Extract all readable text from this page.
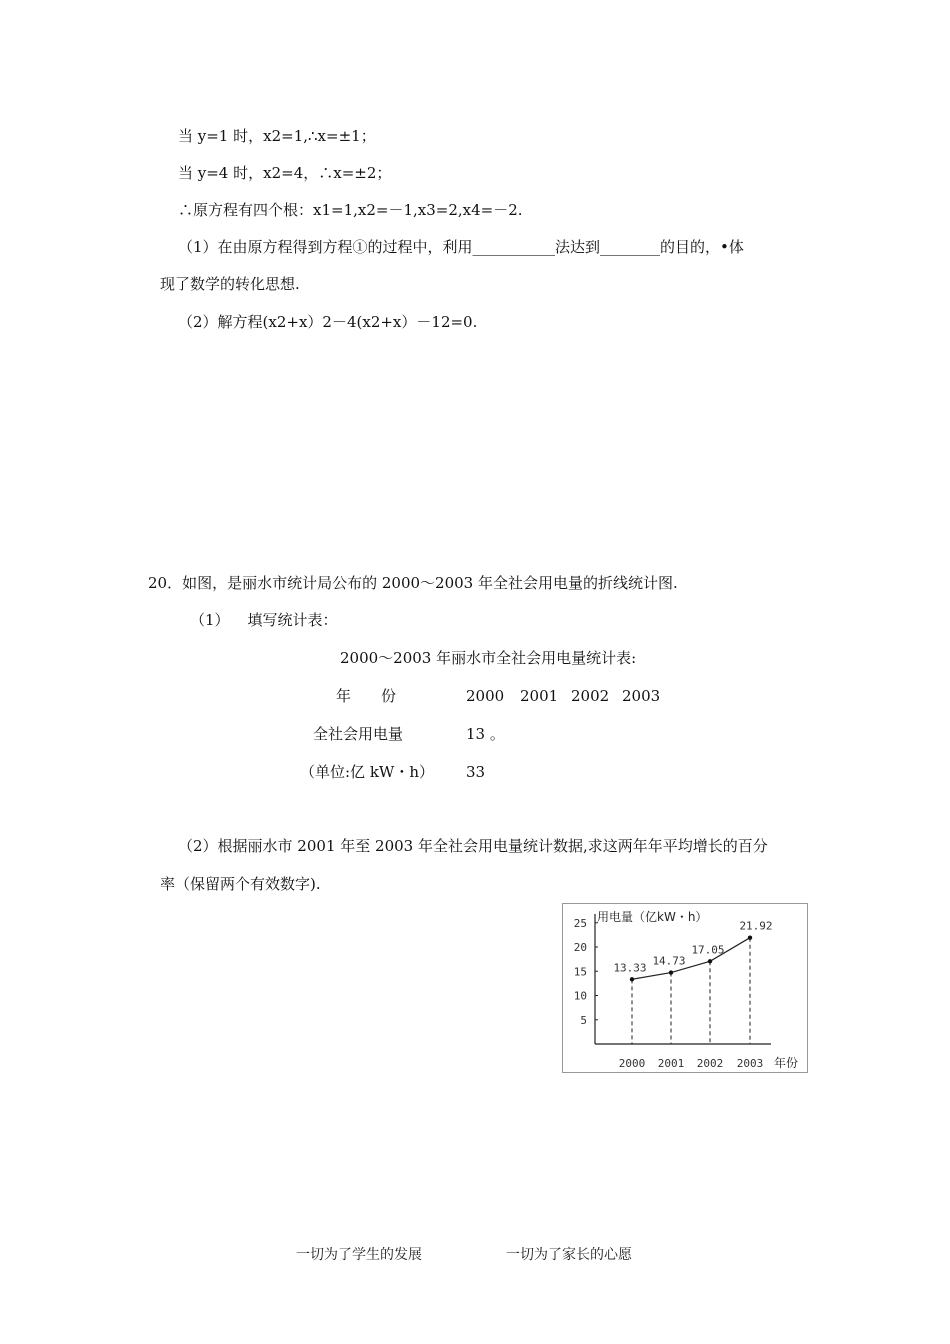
当 y=1 时，x2=1,∴x=±1；
当 y=4 时，x2=4，∴x=±2；
∴原方程有四个根：x1=1,x2=－1,x3=2,x4=－2.
（1）在由原方程得到方程①的过程中，利用___________法达到________的目的，•体
现了数学的转化思想.
（2）解方程(x2+x）2－4(x2+x）－12=0.
20．如图，是丽水市统计局公布的 2000～2003 年全社会用电量的折线统计图.
（1） 填写统计表：
2000～2003 年丽水市全社会用电量统计表:
年　　份	2000 2001 2002 2003
全社会用电量	13 。
（单位:亿 kW・h） 33
（2）根据丽水市 2001 年至 2003 年全社会用电量统计数据,求这两年年平均增长的百分
率（保留两个有效数字).
用电量（亿kW・h）
年份
5
10
15
20
25
2000 2001 2002 2003
13.33
14.73
17.05
21.92
一切为了学生的发展	一切为了家长的心愿
